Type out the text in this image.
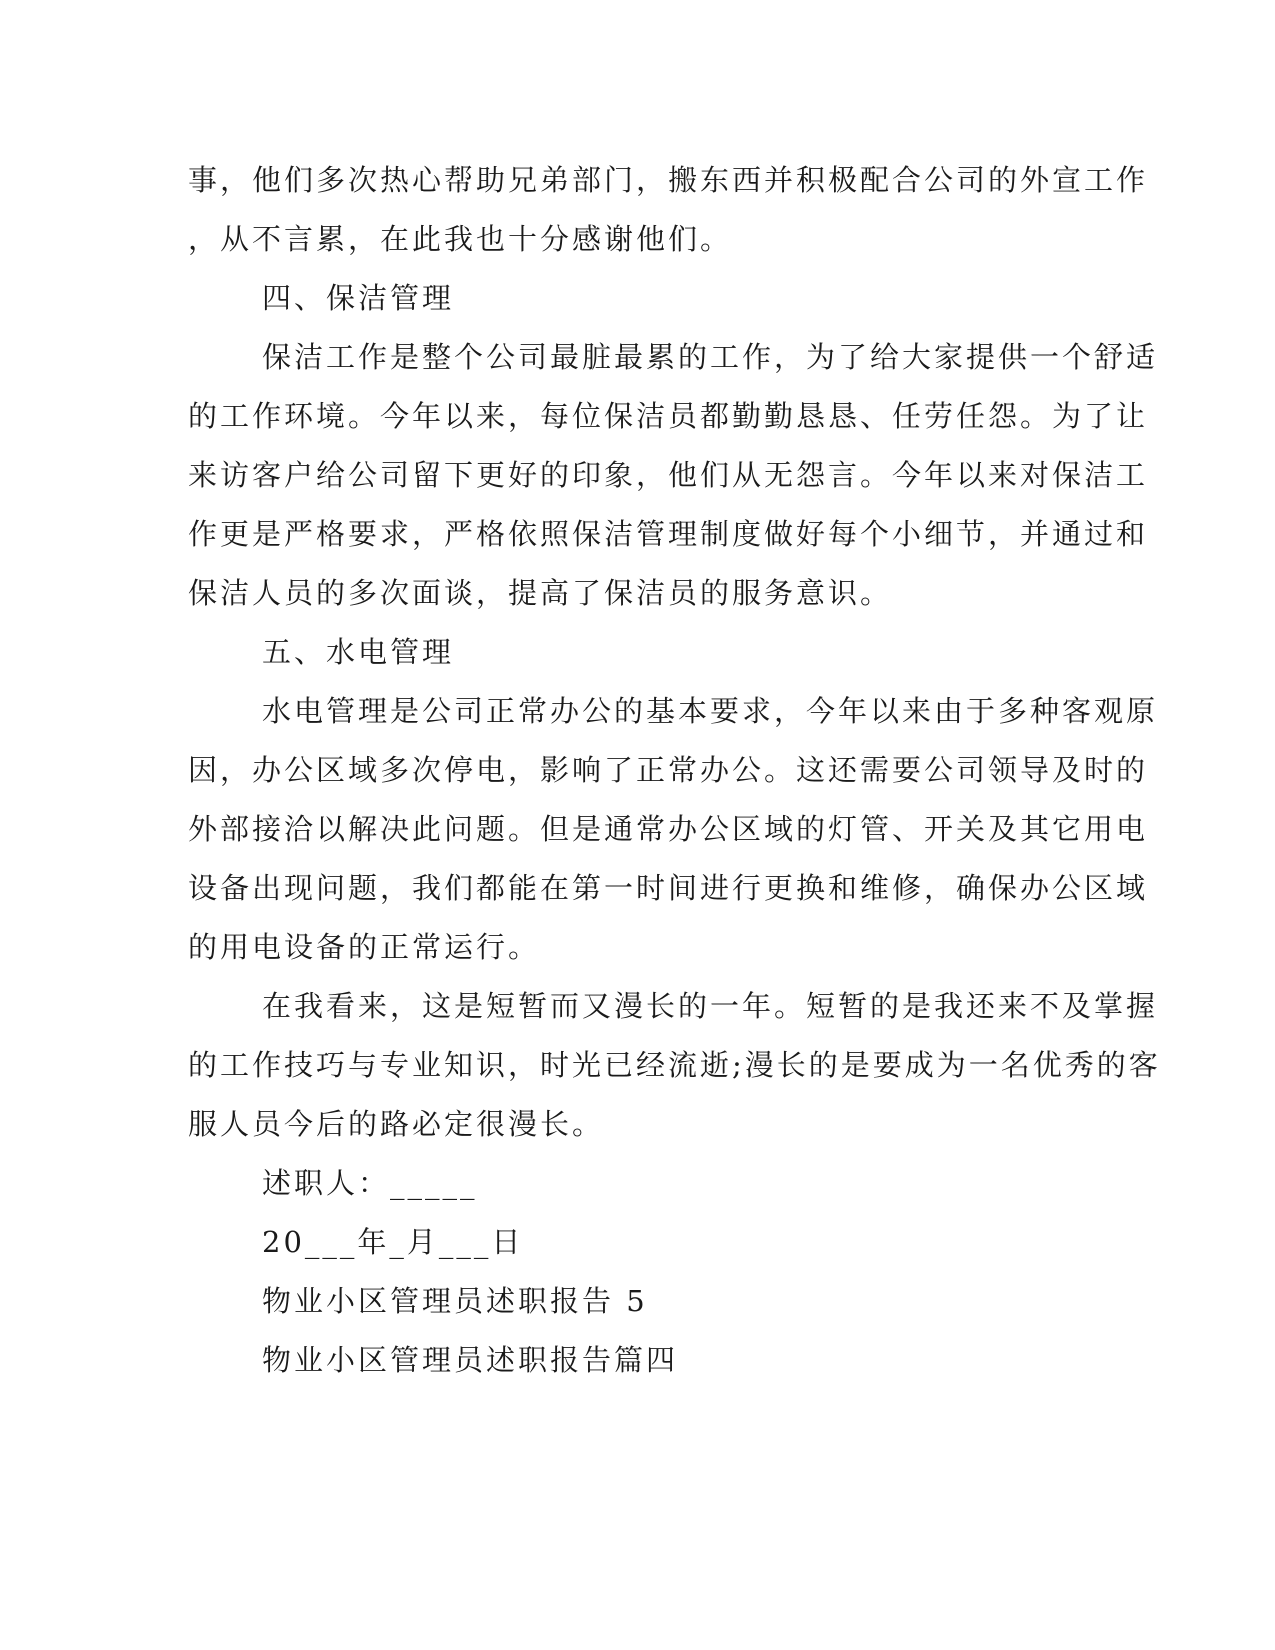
事，他们多次热心帮助兄弟部门，搬东西并积极配合公司的外宣工作

，从不言累，在此我也十分感谢他们。

四、保洁管理

保洁工作是整个公司最脏最累的工作，为了给大家提供一个舒适

的工作环境。今年以来，每位保洁员都勤勤恳恳、任劳任怨。为了让

来访客户给公司留下更好的印象，他们从无怨言。今年以来对保洁工

作更是严格要求，严格依照保洁管理制度做好每个小细节，并通过和

保洁人员的多次面谈，提高了保洁员的服务意识。

五、水电管理

水电管理是公司正常办公的基本要求，今年以来由于多种客观原

因，办公区域多次停电，影响了正常办公。这还需要公司领导及时的

外部接洽以解决此问题。但是通常办公区域的灯管、开关及其它用电

设备出现问题，我们都能在第一时间进行更换和维修，确保办公区域

的用电设备的正常运行。

在我看来，这是短暂而又漫长的一年。短暂的是我还来不及掌握

的工作技巧与专业知识，时光已经流逝;漫长的是要成为一名优秀的客

服人员今后的路必定很漫长。

述职人：_____

20___年_月___日

物业小区管理员述职报告 5

物业小区管理员述职报告篇四
